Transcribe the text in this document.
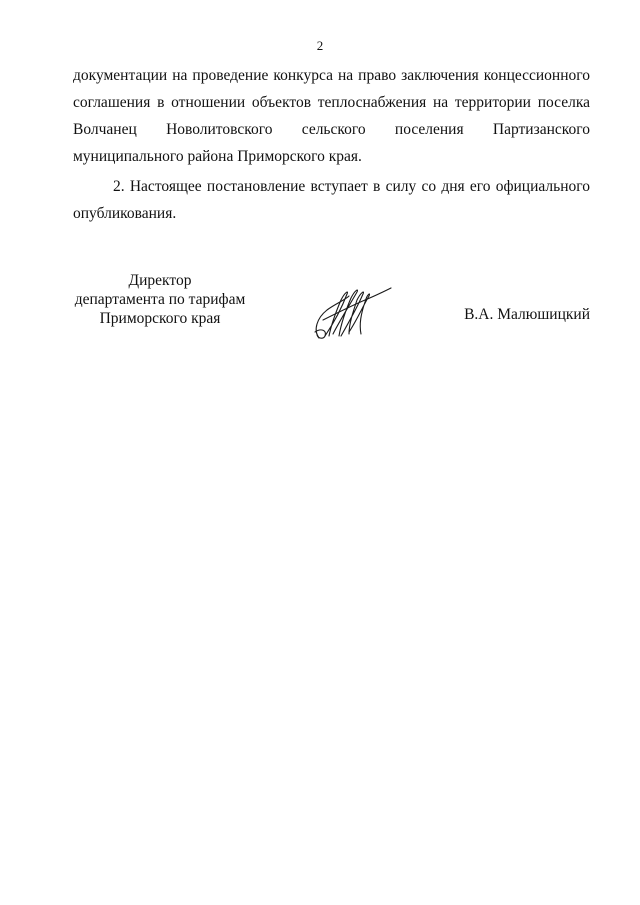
2

документации на проведение конкурса на право заключения концессионного
соглашения в отношении объектов теплоснабжения на территории поселка
Волчанец Новолитовского сельского поселения Партизанского
муниципального района Приморского края.

2. Настоящее постановление вступает в силу со дня его официального
опубликования.

Директор
департамента по тарифам
Приморского края	В.А. Малюшицкий
